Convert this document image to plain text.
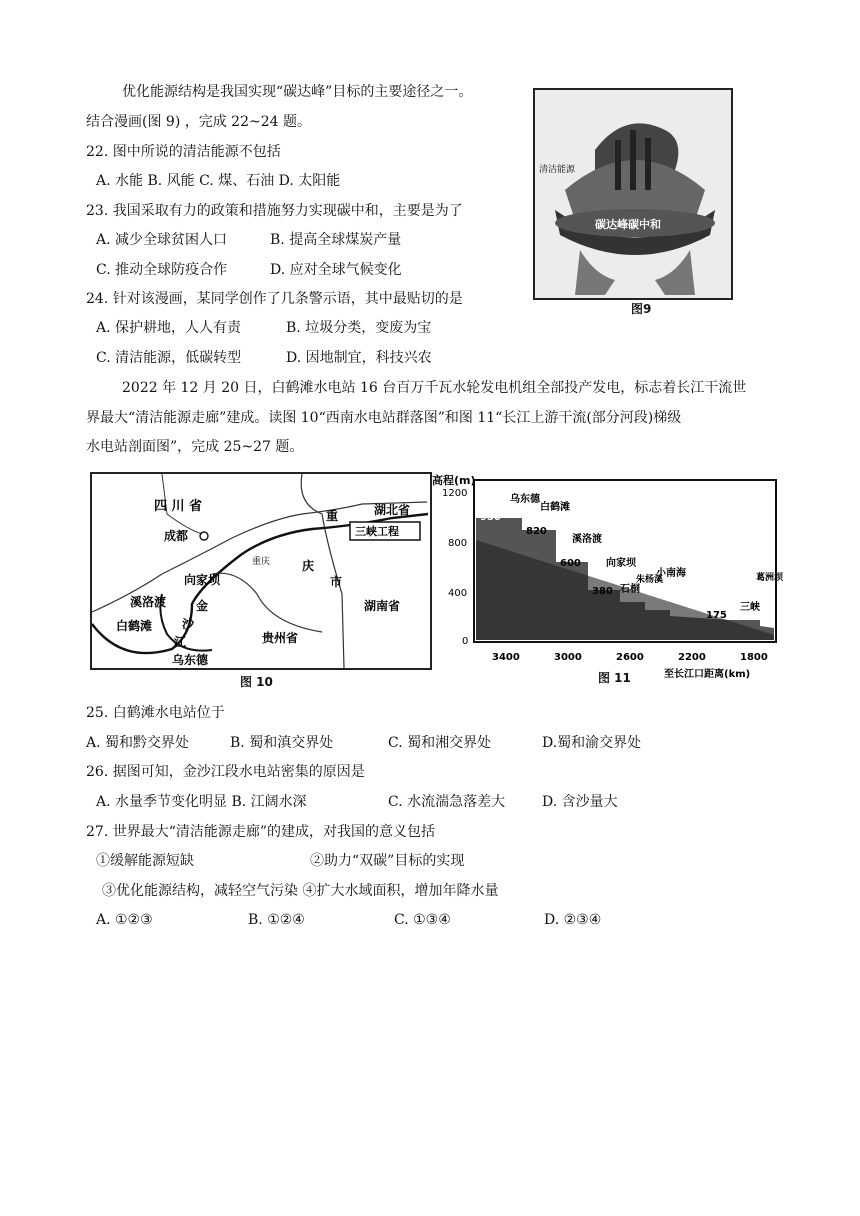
优化能源结构是我国实现“碳达峰”目标的主要途径之一。
结合漫画(图 9) ，完成 22~24 题。
22. 图中所说的清洁能源不包括
A. 水能 B. 风能 C. 煤、石油 D. 太阳能
23. 我国采取有力的政策和措施努力实现碳中和，主要是为了
A. 减少全球贫困人口	B. 提高全球煤炭产量
C. 推动全球防疫合作	D. 应对全球气候变化
24. 针对该漫画，某同学创作了几条警示语，其中最贴切的是
A. 保护耕地，人人有责	B. 垃圾分类，变废为宝
C. 清洁能源，低碳转型	D. 因地制宜，科技兴农
清洁能源
碳达峰碳中和
图9
2022 年 12 月 20 日，白鹤滩水电站 16 台百万千瓦水轮发电机组全部投产发电，标志着长江干流世
界最大“清洁能源走廊”建成。读图 10“西南水电站群落图”和图 11“长江上游干流(部分河段)梯级
水电站剖面图”，完成 25~27 题。
四 川 省	湖北省
湖南省
贵州省
成都
重庆
重
庆
市
向家坝
溪洛渡
白鹤滩
乌东德
金
沙
江
三峡工程
图 10
高程(m)
1200
800
400
0
3400	3000	2600	2200	1800
至长江口距离(km)
950
乌东德
820
白鹤滩
600
溪洛渡
380
向家坝
石桐
朱杨溪
小南海
175
三峡
葛洲坝
图 11
25. 白鹤滩水电站位于
A. 蜀和黔交界处	B. 蜀和滇交界处	C. 蜀和湘交界处	D.蜀和渝交界处
26. 据图可知，金沙江段水电站密集的原因是
A. 水量季节变化明显 B. 江阔水深	C. 水流湍急落差大	D. 含沙量大
27. 世界最大“清洁能源走廊”的建成，对我国的意义包括
①缓解能源短缺	②助力“双碳”目标的实现
③优化能源结构，减轻空气污染 ④扩大水域面积，增加年降水量
A. ①②③	B. ①②④	C. ①③④	D. ②③④
